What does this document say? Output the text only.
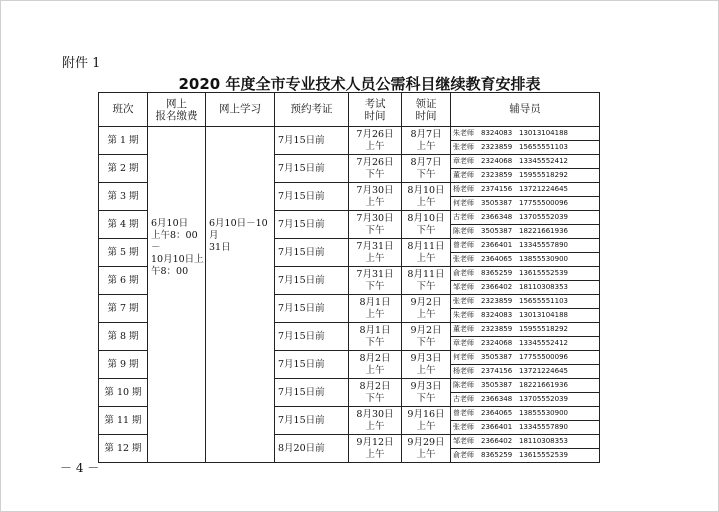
附件 1
2020 年度全市专业技术人员公需科目继续教育安排表
班次	网上
报名缴费	网上学习	预约考证	考试
时间	领证
时间	辅导员
第 1 期	6月10日
上午8：00－
10月10日上
午8：00	6月10日－10月
31日	7月15日前	7月26日
上午	8月7日
上午	朱老师 8324083 13013104188
张老师 2323859 15655551103

第 2 期			7月15日前	7月26日
下午	8月7日
下午	章老师 2324068 13345552412
董老师 2323859 15955518292

第 3 期			7月15日前	7月30日
上午	8月10日
上午	杨老师 2374156 13721224645
何老师 3505387 17755500096

第 4 期			7月15日前	7月30日
下午	8月10日
下午	古老师 2366348 13705552039
陈老师 3505387 18221661936

第 5 期			7月15日前	7月31日
上午	8月11日
上午	曾老师 2366401 13345557890
张老师 2364065 13855530900

第 6 期			7月15日前	7月31日
下午	8月11日
下午	俞老师 8365259 13615552539
邹老师 2366402 18110308353

第 7 期			7月15日前	8月1日
上午	9月2日
上午	张老师 2323859 15655551103
朱老师 8324083 13013104188

第 8 期			7月15日前	8月1日
下午	9月2日
下午	董老师 2323859 15955518292
章老师 2324068 13345552412

第 9 期			7月15日前	8月2日
上午	9月3日
上午	何老师 3505387 17755500096
杨老师 2374156 13721224645

第 10 期			7月15日前	8月2日
下午	9月3日
下午	陈老师 3505387 18221661936
古老师 2366348 13705552039

第 11 期			7月15日前	8月30日
上午	9月16日
上午	曾老师 2364065 13855530900
张老师 2366401 13345557890

第 12 期			8月20日前	9月12日
上午	9月29日
上午	邹老师 2366402 18110308353
俞老师 8365259 13615552539
－ 4 －
